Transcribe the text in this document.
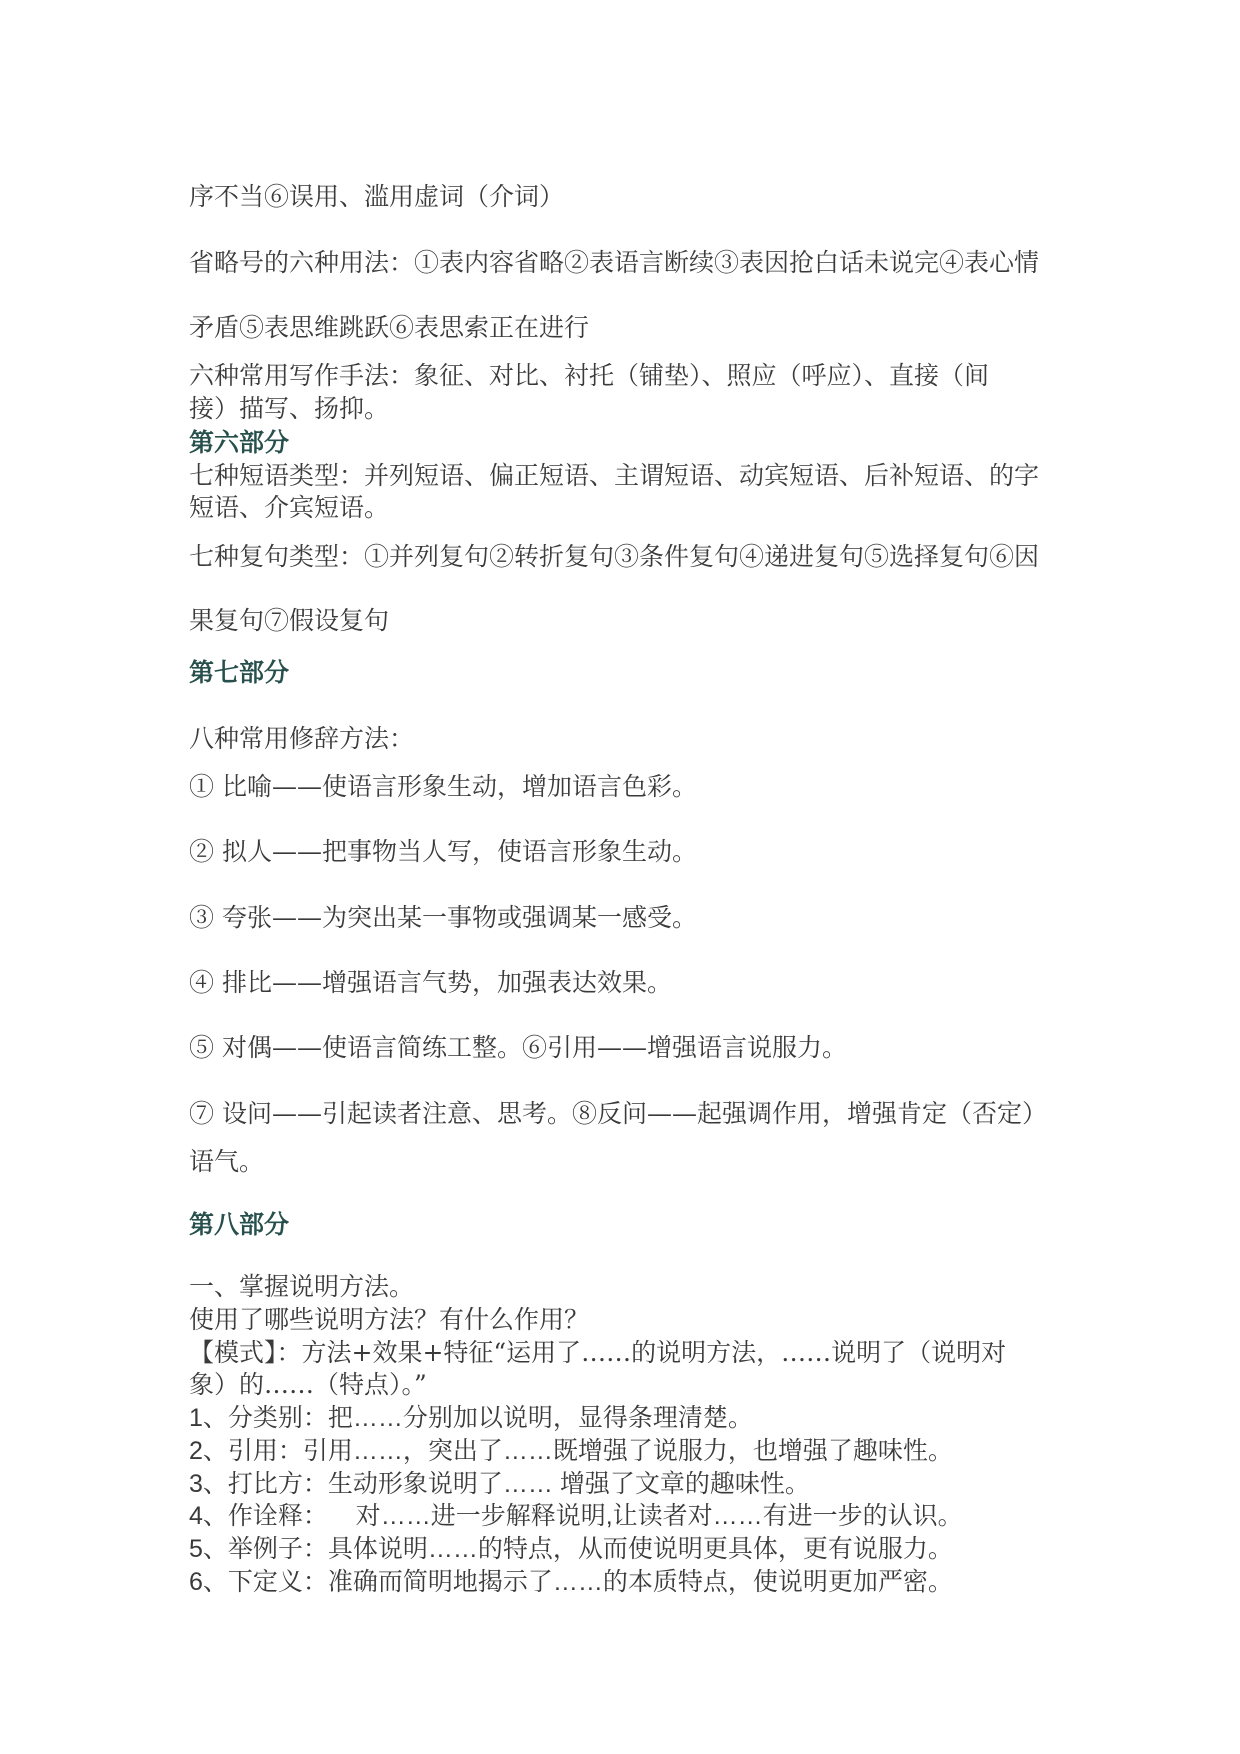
序不当⑥误用、滥用虚词（介词）
省略号的六种用法：①表内容省略②表语言断续③表因抢白话未说完④表心情
矛盾⑤表思维跳跃⑥表思索正在进行
六种常用写作手法：象征、对比、衬托（铺垫）、照应（呼应）、直接（间
接）描写、扬抑。
第六部分
七种短语类型：并列短语、偏正短语、主谓短语、动宾短语、后补短语、的字
短语、介宾短语。
七种复句类型：①并列复句②转折复句③条件复句④递进复句⑤选择复句⑥因
果复句⑦假设复句
第七部分
八种常用修辞方法：
① 比喻——使语言形象生动，增加语言色彩。
② 拟人——把事物当人写，使语言形象生动。
③ 夸张——为突出某一事物或强调某一感受。
④ 排比——增强语言气势，加强表达效果。
⑤ 对偶——使语言简练工整。⑥引用——增强语言说服力。
⑦ 设问——引起读者注意、思考。⑧反问——起强调作用，增强肯定（否定）
语气。
第八部分
一、掌握说明方法。
使用了哪些说明方法？有什么作用？
【模式】：方法+效果+特征“运用了……的说明方法，……说明了（说明对
象）的……（特点）。”
1、分类别：把……分别加以说明，显得条理清楚。
2、引用：引用……，突出了……既增强了说服力，也增强了趣味性。
3、打比方：生动形象说明了…… 增强了文章的趣味性。
4、作诠释：    对……进一步解释说明,让读者对……有进一步的认识。
5、举例子：具体说明……的特点，从而使说明更具体，更有说服力。
6、下定义：准确而简明地揭示了……的本质特点，使说明更加严密。
